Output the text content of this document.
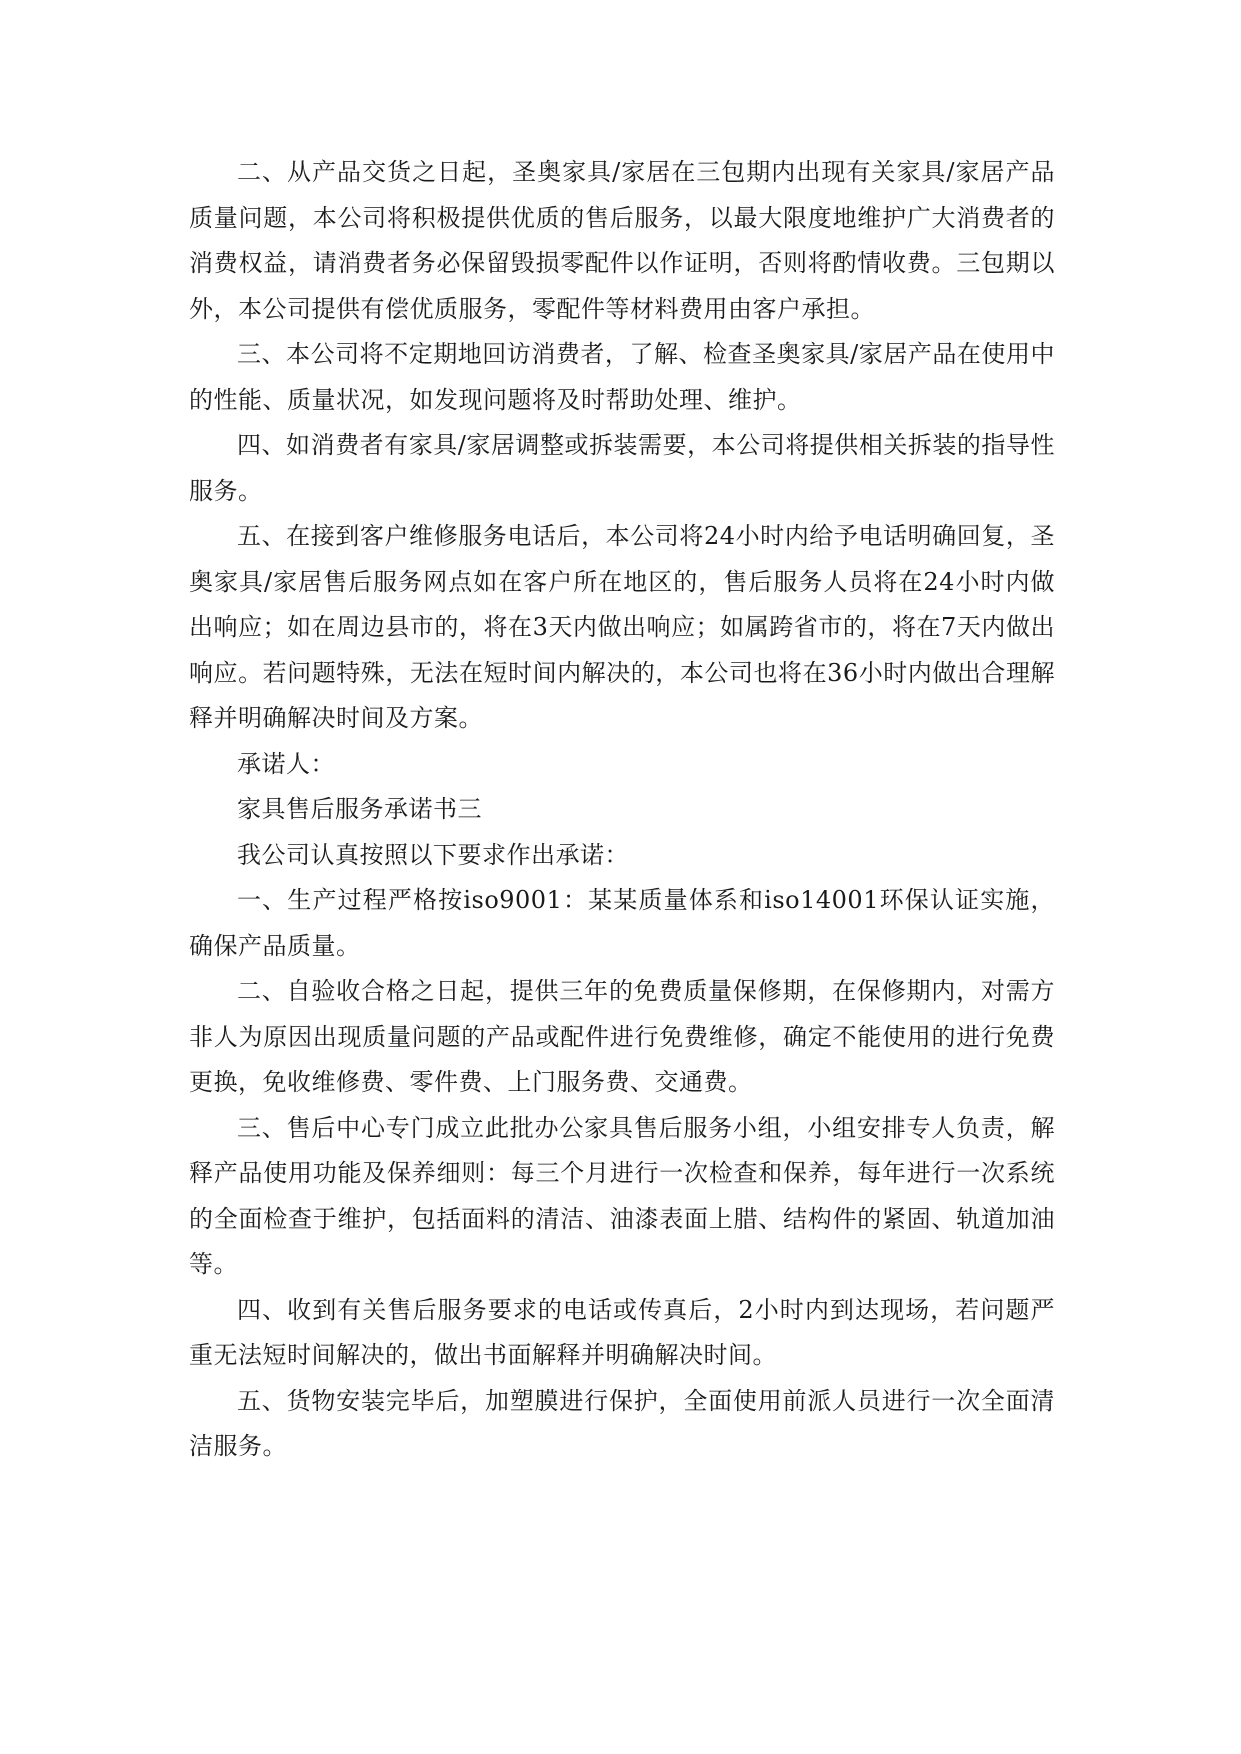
二、从产品交货之日起，圣奥家具/家居在三包期内出现有关家具/家居产品质量问题，本公司将积极提供优质的售后服务，以最大限度地维护广大消费者的消费权益，请消费者务必保留毁损零配件以作证明，否则将酌情收费。三包期以外，本公司提供有偿优质服务，零配件等材料费用由客户承担。

三、本公司将不定期地回访消费者，了解、检查圣奥家具/家居产品在使用中的性能、质量状况，如发现问题将及时帮助处理、维护。

四、如消费者有家具/家居调整或拆装需要，本公司将提供相关拆装的指导性服务。

五、在接到客户维修服务电话后，本公司将24小时内给予电话明确回复，圣奥家具/家居售后服务网点如在客户所在地区的，售后服务人员将在24小时内做出响应；如在周边县市的，将在3天内做出响应；如属跨省市的，将在7天内做出响应。若问题特殊，无法在短时间内解决的，本公司也将在36小时内做出合理解释并明确解决时间及方案。

承诺人：

家具售后服务承诺书三

我公司认真按照以下要求作出承诺：

一、生产过程严格按iso9001：某某质量体系和iso14001环保认证实施，确保产品质量。

二、自验收合格之日起，提供三年的免费质量保修期，在保修期内，对需方非人为原因出现质量问题的产品或配件进行免费维修，确定不能使用的进行免费更换，免收维修费、零件费、上门服务费、交通费。

三、售后中心专门成立此批办公家具售后服务小组，小组安排专人负责，解释产品使用功能及保养细则：每三个月进行一次检查和保养，每年进行一次系统的全面检查于维护，包括面料的清洁、油漆表面上腊、结构件的紧固、轨道加油等。

四、收到有关售后服务要求的电话或传真后，2小时内到达现场，若问题严重无法短时间解决的，做出书面解释并明确解决时间。

五、货物安装完毕后，加塑膜进行保护，全面使用前派人员进行一次全面清洁服务。
